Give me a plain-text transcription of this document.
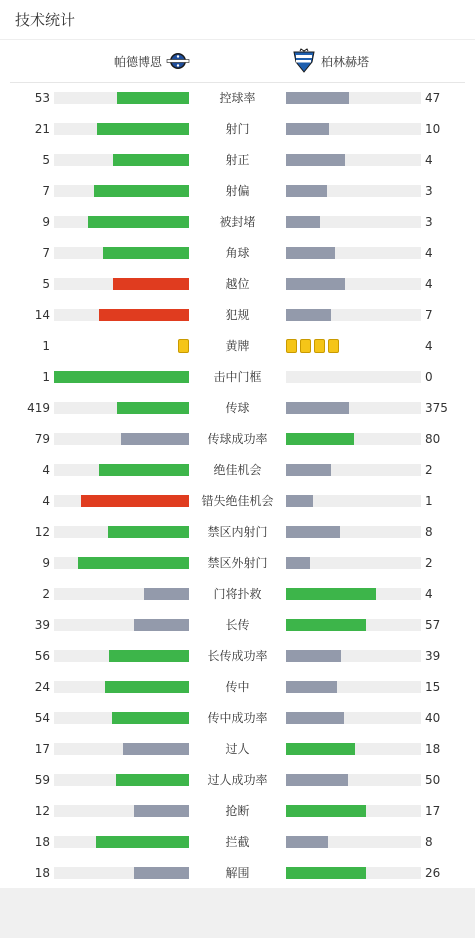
技术统计
帕德博恩	柏林赫塔
53	控球率	47
21	射门	10
5	射正	4
7	射偏	3
9	被封堵	3
7	角球	4
5	越位	4
14	犯规	7
1	黄牌	4
1	击中门框	0
419	传球	375
79	传球成功率	80
4	绝佳机会	2
4	错失绝佳机会	1
12	禁区内射门	8
9	禁区外射门	2
2	门将扑救	4
39	长传	57
56	长传成功率	39
24	传中	15
54	传中成功率	40
17	过人	18
59	过人成功率	50
12	抢断	17
18	拦截	8
18	解围	26
